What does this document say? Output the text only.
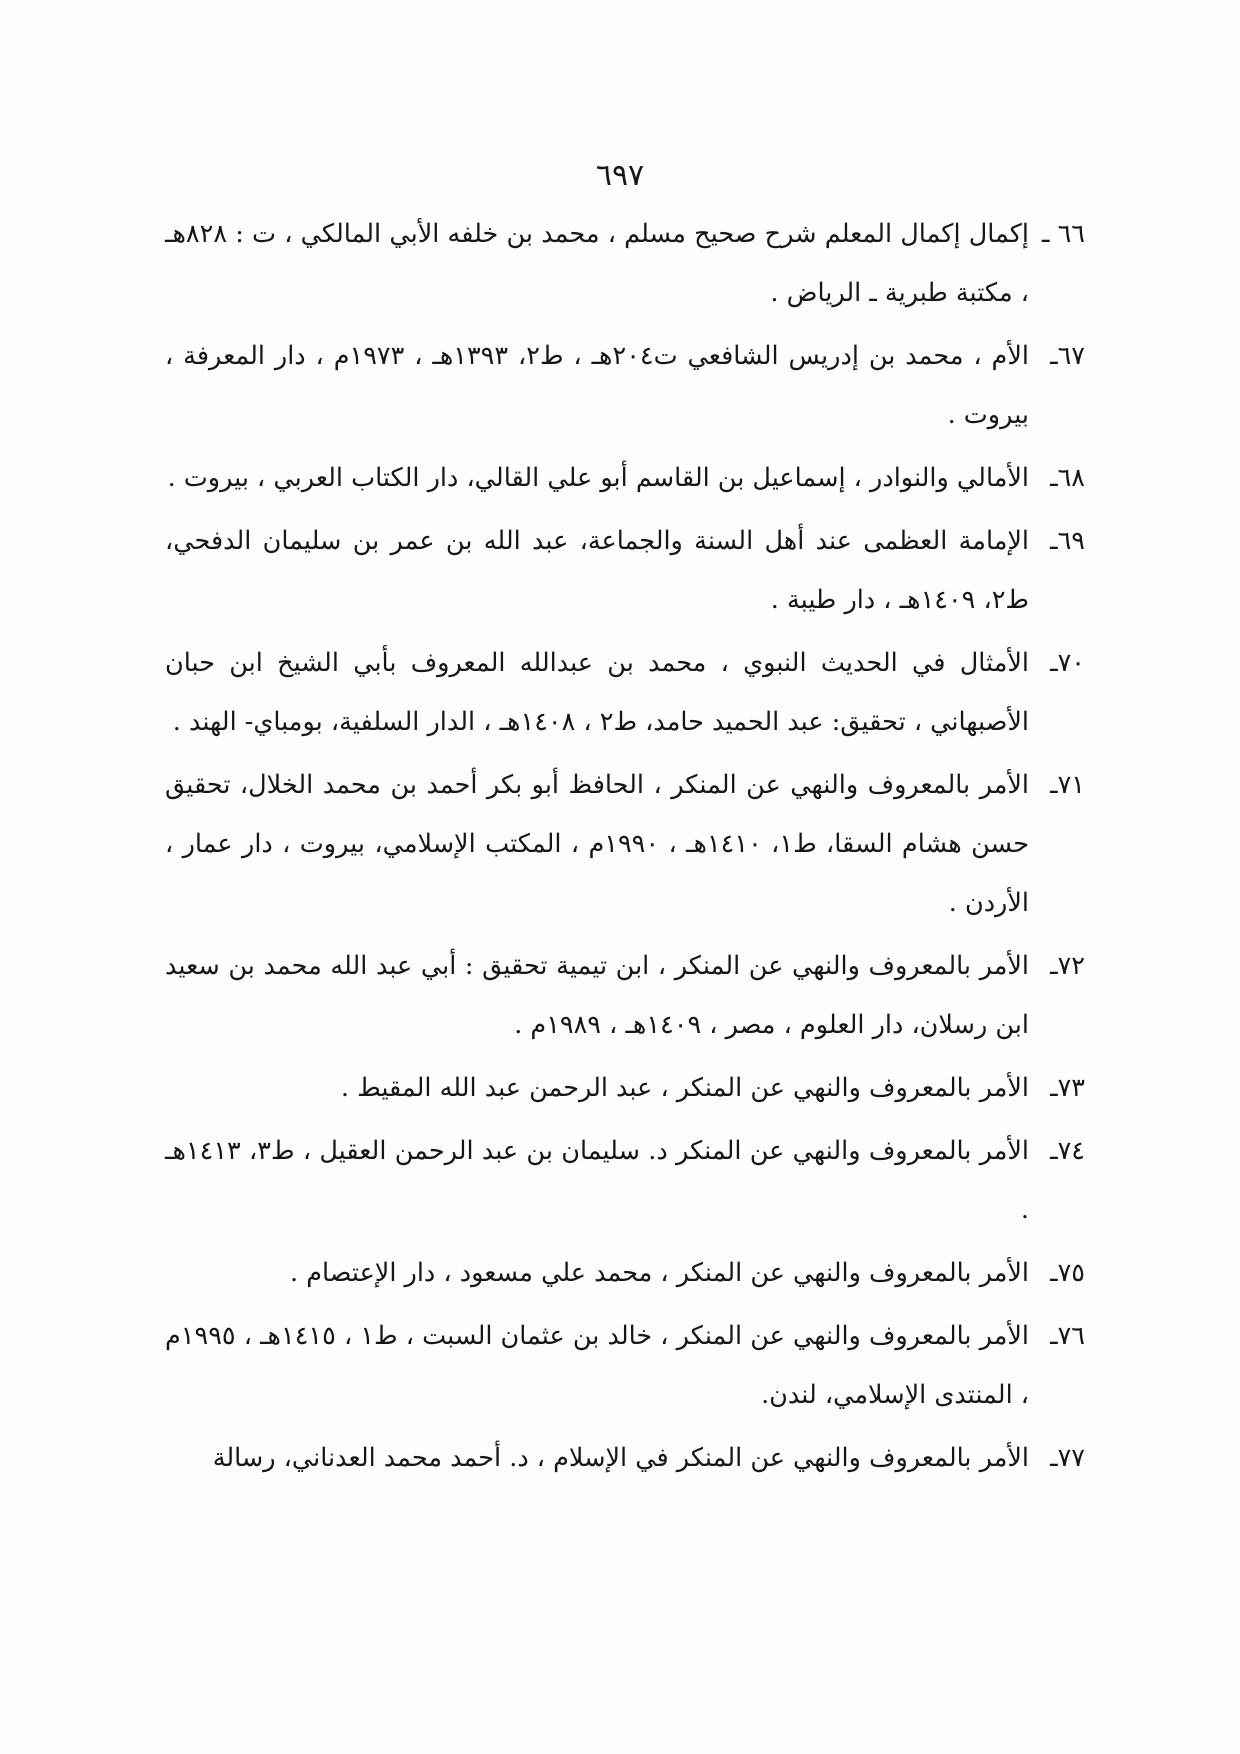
٦٩٧
٦٦ ـ
إكمال إكمال المعلم شرح صحيح مسلم ، محمد بن خلفه الأبي المالكي ، ت : ٨٢٨هـ ، مكتبة طبرية ـ الرياض .
٦٧ـ
الأم ، محمد بن إدريس الشافعي ت٢٠٤هـ ، ط٢، ١٣٩٣هـ ، ١٩٧٣م ، دار المعرفة ، بيروت .
٦٨ـ
الأمالي والنوادر ، إسماعيل بن القاسم أبو علي القالي، دار الكتاب العربي ، بيروت .
٦٩ـ
الإمامة العظمى عند أهل السنة والجماعة، عبد الله بن عمر بن سليمان الدفحي، ط٢، ١٤٠٩هـ ، دار طيبة .
٧٠ـ
الأمثال في الحديث النبوي ، محمد بن عبدالله المعروف بأبي الشيخ ابن حبان الأصبهاني ، تحقيق: عبد الحميد حامد، ط٢ ، ١٤٠٨هـ ، الدار السلفية، بومباي- الهند .
٧١ـ
الأمر بالمعروف والنهي عن المنكر ، الحافظ أبو بكر أحمد بن محمد الخلال، تحقيق حسن هشام السقا، ط١، ١٤١٠هـ ، ١٩٩٠م ، المكتب الإسلامي، بيروت ، دار عمار ، الأردن .
٧٢ـ
الأمر بالمعروف والنهي عن المنكر ، ابن تيمية تحقيق : أبي عبد الله محمد بن سعيد ابن رسلان، دار العلوم ، مصر ، ١٤٠٩هـ ، ١٩٨٩م .
٧٣ـ
الأمر بالمعروف والنهي عن المنكر ، عبد الرحمن عبد الله المقيط .
٧٤ـ
الأمر بالمعروف والنهي عن المنكر د. سليمان بن عبد الرحمن العقيل ، ط٣، ١٤١٣هـ .
٧٥ـ
الأمر بالمعروف والنهي عن المنكر ، محمد علي مسعود ، دار الإعتصام .
٧٦ـ
الأمر بالمعروف والنهي عن المنكر ، خالد بن عثمان السبت ، ط١ ، ١٤١٥هـ ، ١٩٩٥م ، المنتدى الإسلامي، لندن.
٧٧ـ
الأمر بالمعروف والنهي عن المنكر في الإسلام ، د. أحمد محمد العدناني، رسالة
